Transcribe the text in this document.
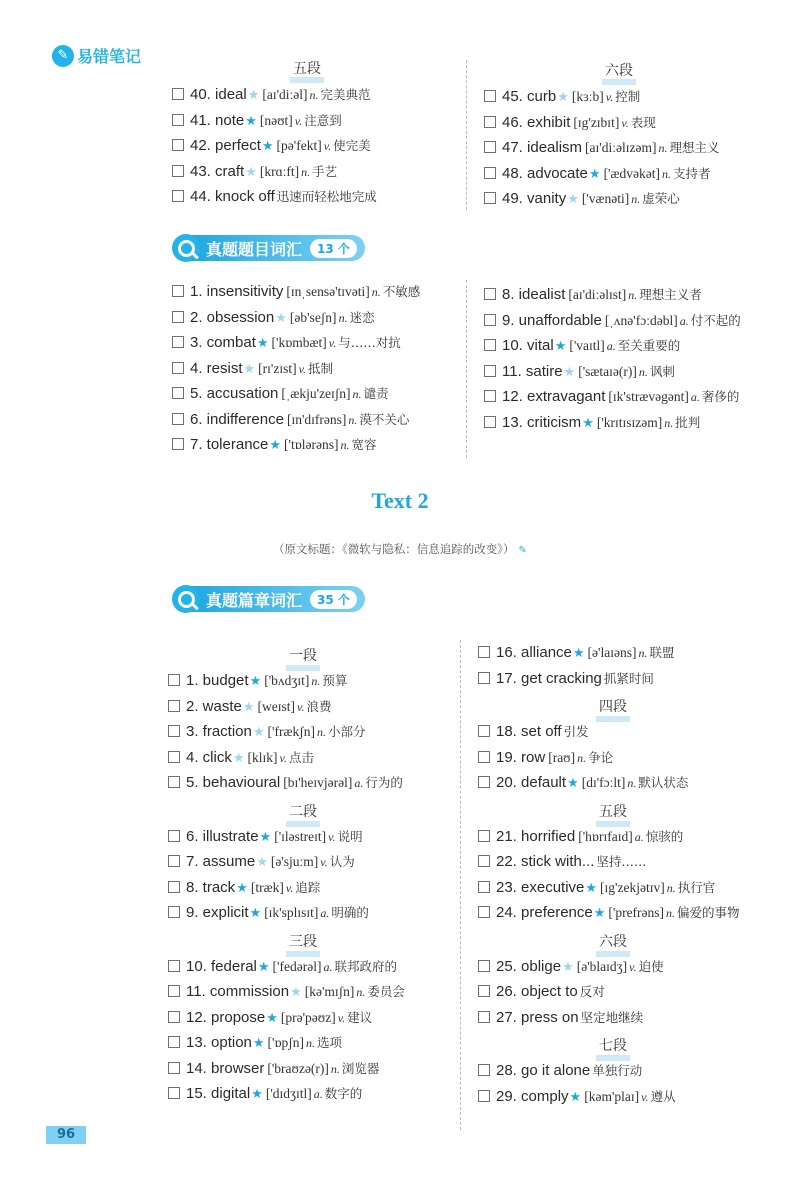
✎ 易错笔记
五段
40. ideal★ [aɪ'diːəl] n. 完美典范
41. note★ [nəʊt] v. 注意到
42. perfect★ [pə'fekt] v. 使完美
43. craft★ [krɑːft] n. 手艺
44. knock off 迅速而轻松地完成
六段
45. curb★ [kɜːb] v. 控制
46. exhibit [ɪg'zɪbɪt] v. 表现
47. idealism [aɪ'diːəlɪzəm] n. 理想主义
48. advocate★ ['ædvəkət] n. 支持者
49. vanity★ ['vænəti] n. 虚荣心
真题题目词汇	13 个
1. insensitivity [ɪnˌsensə'tɪvəti] n. 不敏感
2. obsession★ [əb'seʃn] n. 迷恋
3. combat★ ['kɒmbæt] v. 与……对抗
4. resist★ [rɪ'zɪst] v. 抵制
5. accusation [ˌækju'zeɪʃn] n. 谴责
6. indifference [ɪn'dɪfrəns] n. 漠不关心
7. tolerance★ ['tɒlərəns] n. 宽容
8. idealist [aɪ'diːəlɪst] n. 理想主义者
9. unaffordable [ˌʌnə'fɔːdəbl] a. 付不起的
10. vital★ ['vaɪtl] a. 至关重要的
11. satire★ ['sætaɪə(r)] n. 讽刺
12. extravagant [ɪk'strævəgənt] a. 奢侈的
13. criticism★ ['krɪtɪsɪzəm] n. 批判
Text 2
（原文标题：《微软与隐私：信息追踪的改变》） ✎
真题篇章词汇	35 个
一段
1. budget★ ['bʌdʒɪt] n. 预算
2. waste★ [weɪst] v. 浪费
3. fraction★ ['frækʃn] n. 小部分
4. click★ [klɪk] v. 点击
5. behavioural [bɪ'heɪvjərəl] a. 行为的
二段
6. illustrate★ ['ɪləstreɪt] v. 说明
7. assume★ [ə'sjuːm] v. 认为
8. track★ [træk] v. 追踪
9. explicit★ [ɪk'splɪsɪt] a. 明确的
三段
10. federal★ ['fedərəl] a. 联邦政府的
11. commission★ [kə'mɪʃn] n. 委员会
12. propose★ [prə'pəʊz] v. 建议
13. option★ ['ɒpʃn] n. 选项
14. browser ['braʊzə(r)] n. 浏览器
15. digital★ ['dɪdʒɪtl] a. 数字的
16. alliance★ [ə'laɪəns] n. 联盟
17. get cracking 抓紧时间
四段
18. set off 引发
19. row [raʊ] n. 争论
20. default★ [dɪ'fɔːlt] n. 默认状态
五段
21. horrified ['hɒrɪfaɪd] a. 惊骇的
22. stick with... 坚持……
23. executive★ [ɪg'zekjətɪv] n. 执行官
24. preference★ ['prefrəns] n. 偏爱的事物
六段
25. oblige★ [ə'blaɪdʒ] v. 迫使
26. object to 反对
27. press on 坚定地继续
七段
28. go it alone 单独行动
29. comply★ [kəm'plaɪ] v. 遵从
96
